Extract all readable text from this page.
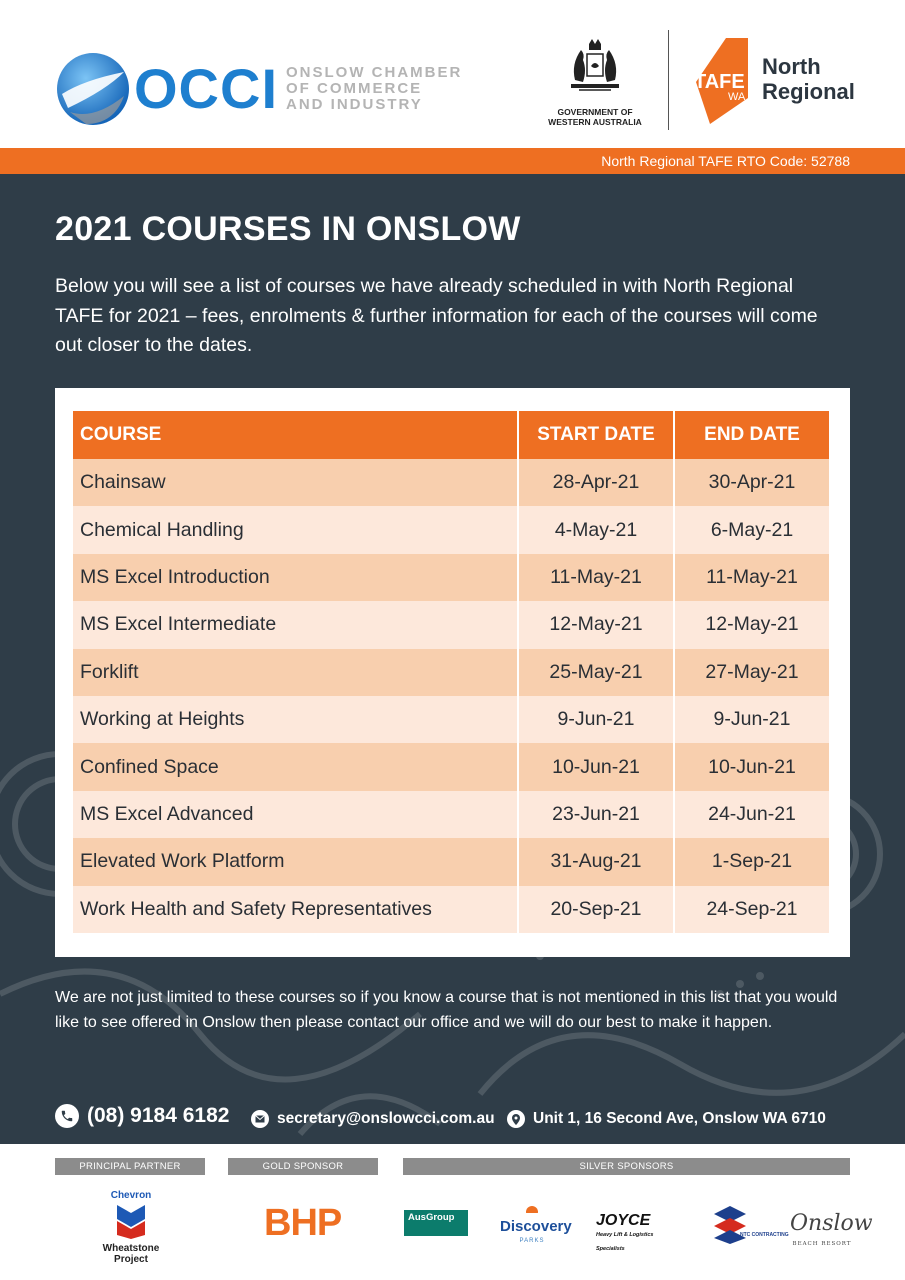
OCCI ONSLOW CHAMBER
OF COMMERCE
AND INDUSTRY	GOVERNMENT OF
WESTERN AUSTRALIA
TAFE
WA
North
Regional
North Regional TAFE RTO Code: 52788
2021 COURSES IN ONSLOW
Below you will see a list of courses we have already scheduled in with North Regional TAFE for 2021 – fees, enrolments & further information for each of the courses will come out closer to the dates.
COURSE	START DATE	END DATE
Chainsaw	28-Apr-21	30-Apr-21
Chemical Handling	4-May-21	6-May-21
MS Excel Introduction	11-May-21	11-May-21
MS Excel Intermediate	12-May-21	12-May-21
Forklift	25-May-21	27-May-21
Working at Heights	9-Jun-21	9-Jun-21
Confined Space	10-Jun-21	10-Jun-21
MS Excel Advanced	23-Jun-21	24-Jun-21
Elevated Work Platform	31-Aug-21	1-Sep-21
Work Health and Safety Representatives	20-Sep-21	24-Sep-21
We are not just limited to these courses so if you know a course that is not mentioned in this list that you would like to see offered in Onslow then please contact our office and we will do our best to make it happen.
(08) 9184 6182	secretary@onslowcci.com.au Unit 1, 16 Second Ave, Onslow WA 6710
PRINCIPAL PARTNER	GOLD SPONSOR	SILVER SPONSORS
Chevron
Wheatstone Project
BHP	AusGroup
Discovery
PARKS
JOYCE
Heavy Lift & Logistics Specialists
NTC CONTRACTING Onslow
BEACH RESORT
